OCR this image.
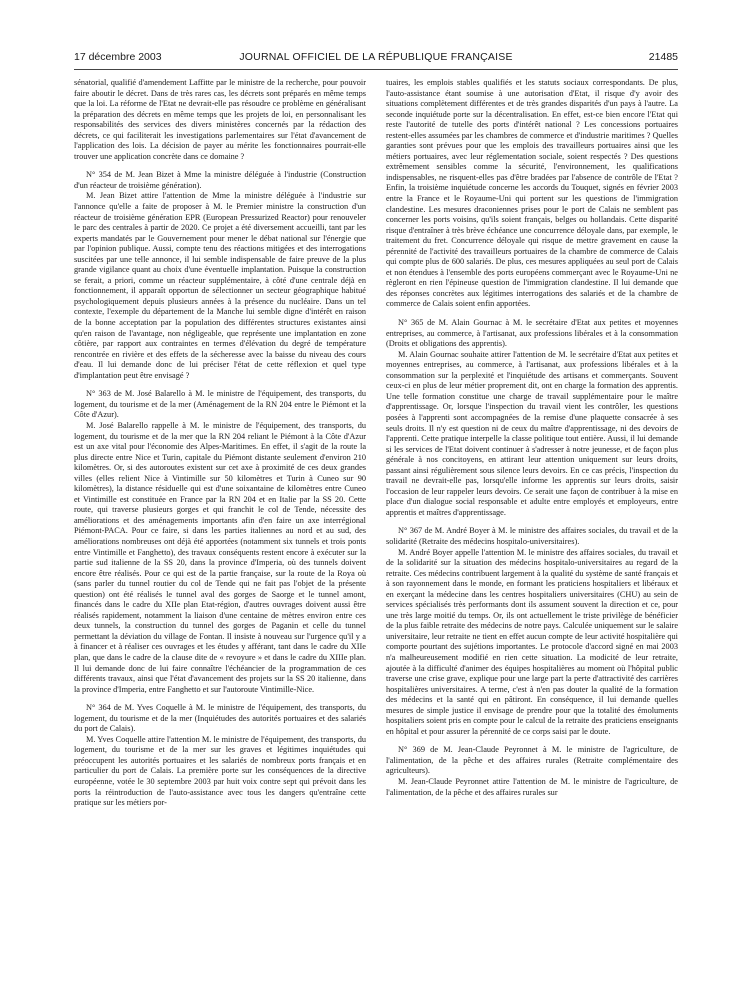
17 décembre 2003	JOURNAL OFFICIEL DE LA RÉPUBLIQUE FRANÇAISE	21485

sénatorial, qualifié d'amendement Laffitte par le ministre de la recherche, pour pouvoir faire aboutir le décret. Dans de très rares cas, les décrets sont préparés en même temps que la loi. La réforme de l'Etat ne devrait-elle pas résoudre ce problème en généralisant la préparation des décrets en même temps que les projets de loi, en personnalisant les responsabilités des services des divers ministères concernés par la rédaction des décrets, ce qui faciliterait les investigations parlementaires sur l'état d'avancement de l'application des lois. La décision de payer au mérite les fonctionnaires pourrait-elle trouver une application concrète dans ce domaine ?

N° 354 de M. Jean Bizet à Mme la ministre déléguée à l'industrie (Construction d'un réacteur de troisième génération).

M. Jean Bizet attire l'attention de Mme la ministre déléguée à l'industrie sur l'annonce qu'elle a faite de proposer à M. le Premier ministre la construction d'un réacteur de troisième génération EPR (European Pressurized Reactor) pour renouveler le parc des centrales à partir de 2020. Ce projet a été diversement accueilli, tant par les experts mandatés par le Gouvernement pour mener le débat national sur l'énergie que par l'opinion publique. Aussi, compte tenu des réactions mitigées et des interrogations suscitées par une telle annonce, il lui semble indispensable de faire preuve de la plus grande vigilance quant au choix d'une éventuelle implantation. Puisque la construction se ferait, a priori, comme un réacteur supplémentaire, à côté d'une centrale déjà en fonctionnement, il apparaît opportun de sélectionner un secteur géographique habitué psychologiquement depuis plusieurs années à la présence du nucléaire. Dans un tel contexte, l'exemple du département de la Manche lui semble digne d'intérêt en raison de la bonne acceptation par la population des différentes structures existantes ainsi qu'en raison de l'avantage, non négligeable, que représente une implantation en zone côtière, par rapport aux contraintes en termes d'élévation du degré de température rencontrée en rivière et des effets de la sécheresse avec la baisse du niveau des cours d'eau. Il lui demande donc de lui préciser l'état de cette réflexion et quel type d'implantation peut être envisagé ?

N° 363 de M. José Balarello à M. le ministre de l'équipement, des transports, du logement, du tourisme et de la mer (Aménagement de la RN 204 entre le Piémont et la Côte d'Azur).

M. José Balarello rappelle à M. le ministre de l'équipement, des transports, du logement, du tourisme et de la mer que la RN 204 reliant le Piémont à la Côte d'Azur est un axe vital pour l'économie des Alpes-Maritimes. En effet, il s'agit de la route la plus directe entre Nice et Turin, capitale du Piémont distante seulement d'environ 210 kilomètres. Or, si des autoroutes existent sur cet axe à proximité de ces deux grandes villes (elles relient Nice à Vintimille sur 50 kilomètres et Turin à Cuneo sur 90 kilomètres), la distance résiduelle qui est d'une soixantaine de kilomètres entre Cuneo et Vintimille est constituée en France par la RN 204 et en Italie par la SS 20. Cette route, qui traverse plusieurs gorges et qui franchit le col de Tende, nécessite des améliorations et des aménagements importants afin d'en faire un axe interrégional Piémont-PACA. Pour ce faire, si dans les parties italiennes au nord et au sud, des améliorations nombreuses ont déjà été apportées (notamment six tunnels et trois ponts entre Vintimille et Fanghetto), des travaux conséquents restent encore à exécuter sur la partie sud italienne de la SS 20, dans la province d'Imperia, où des tunnels doivent encore être réalisés. Pour ce qui est de la partie française, sur la route de la Roya où (sans parler du tunnel routier du col de Tende qui ne fait pas l'objet de la présente question) ont été réalisés le tunnel aval des gorges de Saorge et le tunnel amont, financés dans le cadre du XIIe plan Etat-région, d'autres ouvrages doivent aussi être réalisés rapidement, notamment la liaison d'une centaine de mètres environ entre ces deux tunnels, la construction du tunnel des gorges de Paganin et celle du tunnel permettant la déviation du village de Fontan. Il insiste à nouveau sur l'urgence qu'il y a à financer et à réaliser ces ouvrages et les études y afférant, tant dans le cadre du XIIe plan, que dans le cadre de la clause dite de « revoyure » et dans le cadre du XIIIe plan. Il lui demande donc de lui faire connaître l'échéancier de la programmation de ces différents travaux, ainsi que l'état d'avancement des projets sur la SS 20 italienne, dans la province d'Imperia, entre Fanghetto et sur l'autoroute Vintimille-Nice.

N° 364 de M. Yves Coquelle à M. le ministre de l'équipement, des transports, du logement, du tourisme et de la mer (Inquiétudes des autorités portuaires et des salariés du port de Calais).

M. Yves Coquelle attire l'attention M. le ministre de l'équipement, des transports, du logement, du tourisme et de la mer sur les graves et légitimes inquiétudes qui préoccupent les autorités portuaires et les salariés de nombreux ports français et en particulier du port de Calais. La première porte sur les conséquences de la directive européenne, votée le 30 septembre 2003 par huit voix contre sept qui prévoit dans les ports la réintroduction de l'auto-assistance avec tous les dangers qu'entraîne cette pratique sur les métiers por-

tuaires, les emplois stables qualifiés et les statuts sociaux correspondants. De plus, l'auto-assistance étant soumise à une autorisation d'Etat, il risque d'y avoir des situations complètement différentes et de très grandes disparités d'un pays à l'autre. La seconde inquiétude porte sur la décentralisation. En effet, est-ce bien encore l'Etat qui reste l'autorité de tutelle des ports d'intérêt national ? Les concessions portuaires restent-elles assumées par les chambres de commerce et d'industrie maritimes ? Quelles garanties sont prévues pour que les emplois des travailleurs portuaires ainsi que les métiers portuaires, avec leur réglementation sociale, soient respectés ? Des questions extrêmement sensibles comme la sécurité, l'environnement, les qualifications indispensables, ne risquent-elles pas d'être bradées par l'absence de contrôle de l'Etat ? Enfin, la troisième inquiétude concerne les accords du Touquet, signés en février 2003 entre la France et le Royaume-Uni qui portent sur les questions de l'immigration clandestine. Les mesures draconiennes prises pour le port de Calais ne semblent pas concerner les ports voisins, qu'ils soient français, belges ou hollandais. Cette disparité risque d'entraîner à très brève échéance une concurrence déloyale dans, par exemple, le traitement du fret. Concurrence déloyale qui risque de mettre gravement en cause la pérennité de l'activité des travailleurs portuaires de la chambre de commerce de Calais qui compte plus de 600 salariés. De plus, ces mesures appliquées au seul port de Calais et non étendues à l'ensemble des ports européens commerçant avec le Royaume-Uni ne règleront en rien l'épineuse question de l'immigration clandestine. Il lui demande que des réponses concrètes aux légitimes interrogations des salariés et de la chambre de commerce de Calais soient enfin apportées.

N° 365 de M. Alain Gournac à M. le secrétaire d'Etat aux petites et moyennes entreprises, au commerce, à l'artisanat, aux professions libérales et à la consommation (Droits et obligations des apprentis).

M. Alain Gournac souhaite attirer l'attention de M. le secrétaire d'Etat aux petites et moyennes entreprises, au commerce, à l'artisanat, aux professions libérales et à la consommation sur la perplexité et l'inquiétude des artisans et commerçants. Souvent ceux-ci en plus de leur métier proprement dit, ont en charge la formation des apprentis. Une telle formation constitue une charge de travail supplémentaire pour le maître d'apprentissage. Or, lorsque l'inspection du travail vient les contrôler, les questions posées à l'apprenti sont accompagnées de la remise d'une plaquette consacrée à ses seuls droits. Il n'y est question ni de ceux du maître d'apprentissage, ni des devoirs de l'apprenti. Cette pratique interpelle la classe politique tout entière. Aussi, il lui demande si les services de l'Etat doivent continuer à s'adresser à notre jeunesse, et de façon plus générale à nos concitoyens, en attirant leur attention uniquement sur leurs droits, passant ainsi régulièrement sous silence leurs devoirs. En ce cas précis, l'inspection du travail ne devrait-elle pas, lorsqu'elle informe les apprentis sur leurs droits, saisir l'occasion de leur rappeler leurs devoirs. Ce serait une façon de contribuer à la mise en place d'un dialogue social responsable et adulte entre employés et employeurs, entre apprentis et maîtres d'apprentissage.

N° 367 de M. André Boyer à M. le ministre des affaires sociales, du travail et de la solidarité (Retraite des médecins hospitalo-universitaires).

M. André Boyer appelle l'attention M. le ministre des affaires sociales, du travail et de la solidarité sur la situation des médecins hospitalo-universitaires au regard de la retraite. Ces médecins contribuent largement à la qualité du système de santé français et à son rayonnement dans le monde, en formant les praticiens hospitaliers et libéraux et en exerçant la médecine dans les centres hospitaliers universitaires (CHU) au sein de services spécialisés très performants dont ils assument souvent la direction et ce, pour une très large moitié du temps. Or, ils ont actuellement le triste privilège de bénéficier de la plus faible retraite des médecins de notre pays. Calculée uniquement sur le salaire universitaire, leur retraite ne tient en effet aucun compte de leur activité hospitalière qui comporte pourtant des sujétions importantes. Le protocole d'accord signé en mai 2003 n'a malheureusement modifié en rien cette situation. La modicité de leur retraite, ajoutée à la difficulté d'animer des équipes hospitalières au moment où l'hôpital public traverse une crise grave, explique pour une large part la perte d'attractivité des carrières hospitalières universitaires. A terme, c'est à n'en pas douter la qualité de la formation des médecins et la santé qui en pâtiront. En conséquence, il lui demande quelles mesures de simple justice il envisage de prendre pour que la totalité des émoluments hospitaliers soient pris en compte pour le calcul de la retraite des praticiens enseignants en hôpital et pour assurer la pérennité de ce corps saisi par le doute.

N° 369 de M. Jean-Claude Peyronnet à M. le ministre de l'agriculture, de l'alimentation, de la pêche et des affaires rurales (Retraite complémentaire des agriculteurs).

M. Jean-Claude Peyronnet attire l'attention de M. le ministre de l'agriculture, de l'alimentation, de la pêche et des affaires rurales sur
